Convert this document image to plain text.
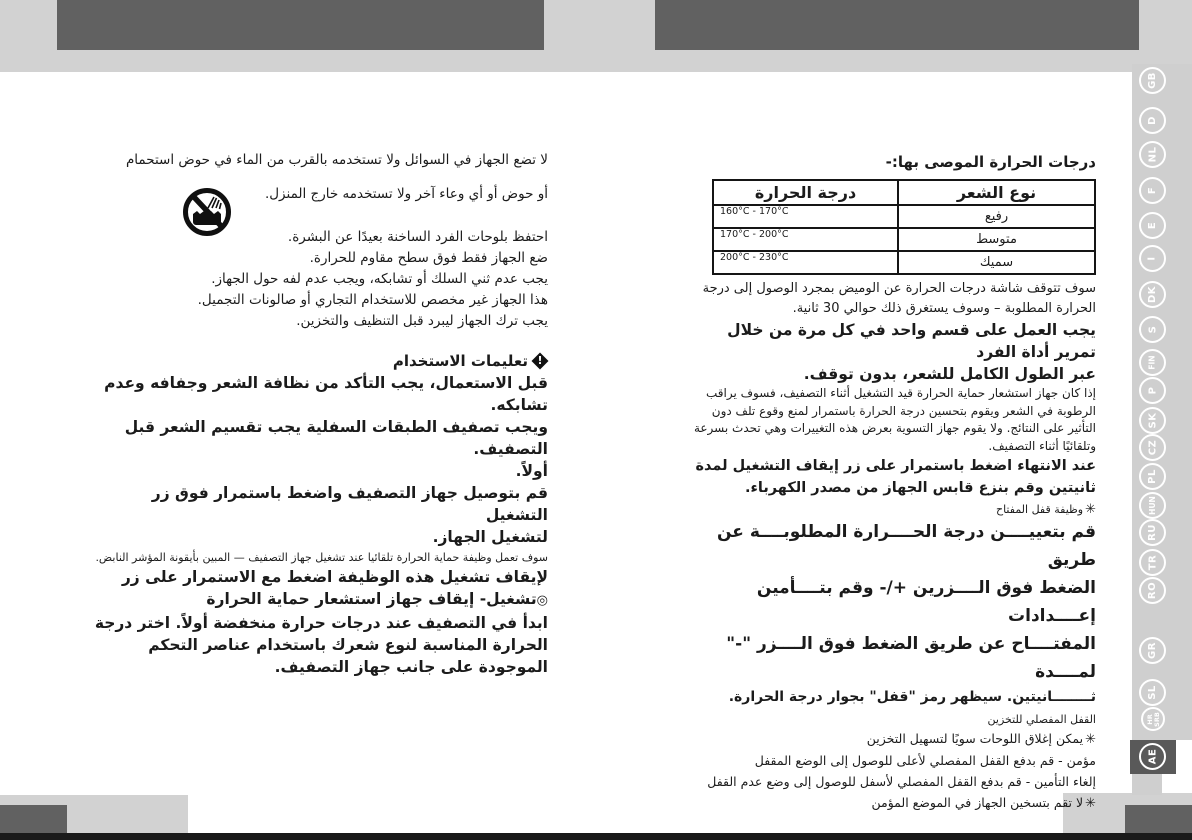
GB
D
NL
F
E
I
DK
S
FIN
P
SK
CZ
PL
HUN
RU
TR
RO
GR
SL
HR
SRB
AE

لا تضع الجهاز في السوائل ولا تستخدمه بالقرب من الماء في حوض استحمام

أو حوض أو أي وعاء آخر ولا تستخدمه خارج المنزل.

احتفظ بلوحات الفرد الساخنة بعيدًا عن البشرة.

ضع الجهاز فقط فوق سطح مقاوم للحرارة.

يجب عدم ثني السلك أو تشابكه، ويجب عدم لفه حول الجهاز.

هذا الجهاز غير مخصص للاستخدام التجاري أو صالونات التجميل.

يجب ترك الجهاز ليبرد قبل التنظيف والتخزين.

!
تعليمات الاستخدام

قبل الاستعمال، يجب التأكد من نظافة الشعر وجفافه وعدم
تشابكه.

ويجب تصفيف الطبقات السفلية يجب تقسيم الشعر قبل التصفيف.
أولاً.

قم بتوصيل جهاز التصفيف واضغط باستمرار فوق زر التشغيل
لتشغيل الجهاز.

سوف تعمل وظيفة حماية الحرارة تلقائيا عند تشغيل جهاز التصفيف — المبين بأيقونة المؤشر النابض.

لإيقاف تشغيل هذه الوظيفة اضغط مع الاستمرار على زر
◎تشغيل- إيقاف جهاز استشعار حماية الحرارة

ابدأ في التصفيف عند درجات حرارة منخفضة أولاً. اختر درجة الحرارة المناسبة لنوع شعرك باستخدام عناصر التحكم الموجودة على جانب جهاز التصفيف.

درجات الحرارة الموصى بها:-

نوع الشعر	درجة الحرارة
رفيع	160°C - 170°C
متوسط	170°C - 200°C
سميك	200°C - 230°C

سوف تتوقف شاشة درجات الحرارة عن الوميض بمجرد الوصول إلى درجة الحرارة المطلوبة – وسوف يستغرق ذلك حوالي 30 ثانية.

يجب العمل على قسم واحد في كل مرة من خلال تمرير أداة الفرد
عبر الطول الكامل للشعر، بدون توقف.

إذا كان جهاز استشعار حماية الحرارة قيد التشغيل أثناء التصفيف، فسوف يراقب الرطوبة في الشعر ويقوم بتحسين درجة الحرارة باستمرار لمنع وقوع تلف دون التأثير على النتائج. ولا يقوم جهاز التسوية بعرض هذه التغييرات وهي تحدث بسرعة وتلقائيًا أثناء التصفيف.

عند الانتهاء اضغط باستمرار على زر إيقاف التشغيل لمدة ثانيتين وقم بنزع قابس الجهاز من مصدر الكهرباء.

✳وظيفة قفل المفتاح

قم بتعييــــن درجة الحــــرارة المطلوبــــة عن طريق
الضغط فوق الــــزرين +/- وقم بتــــأمين إعــــدادات
المفتــــاح عن طريق الضغط فوق الــــزر "-" لمــــدة

ثــــــــانيتين. سيظهر رمز "قفل" بجوار درجة الحرارة.

القفل المفصلي للتخزين

✳يمكن إغلاق اللوحات سويًا لتسهيل التخزين

مؤمن - قم بدفع القفل المفصلي لأعلى للوصول إلى الوضع المقفل

إلغاء التأمين - قم بدفع القفل المفصلي لأسفل للوصول إلى وضع عدم القفل

✳لا تقم بتسخين الجهاز في الموضع المؤمن
